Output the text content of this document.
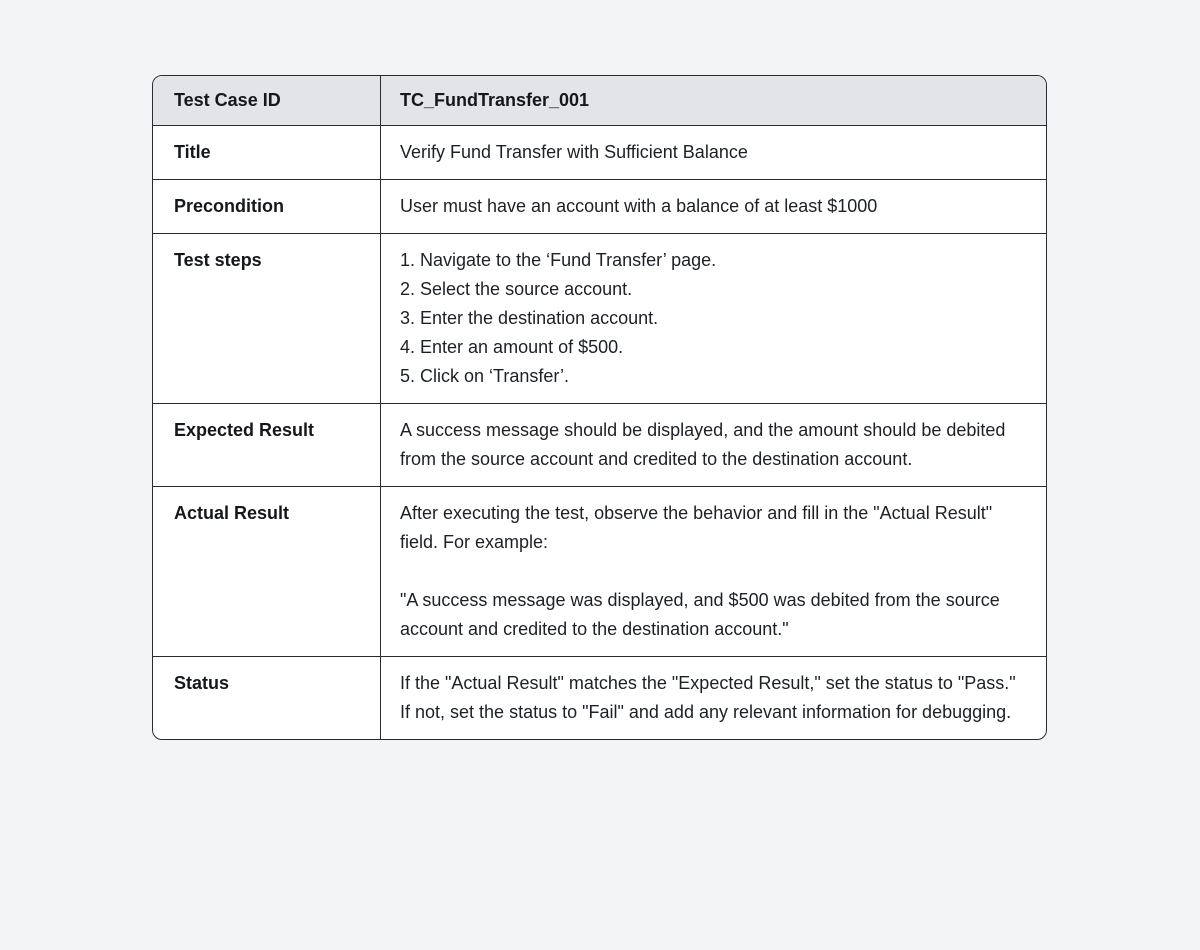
Test Case ID	TC_FundTransfer_001
Title	Verify Fund Transfer with Sufficient Balance
Precondition	User must have an account with a balance of at least $1000
Test steps	1. Navigate to the ‘Fund Transfer’ page.
2. Select the source account.
3. Enter the destination account.
4. Enter an amount of $500.
5. Click on ‘Transfer’.
Expected Result	A success message should be displayed, and the amount should be debited from the source account and credited to the destination account.
Actual Result	After executing the test, observe the behavior and fill in the "Actual Result" field. For example:
"A success message was displayed, and $500 was debited from the source account and credited to the destination account."
Status	If the "Actual Result" matches the "Expected Result," set the status to "Pass."
If not, set the status to "Fail" and add any relevant information for debugging.
